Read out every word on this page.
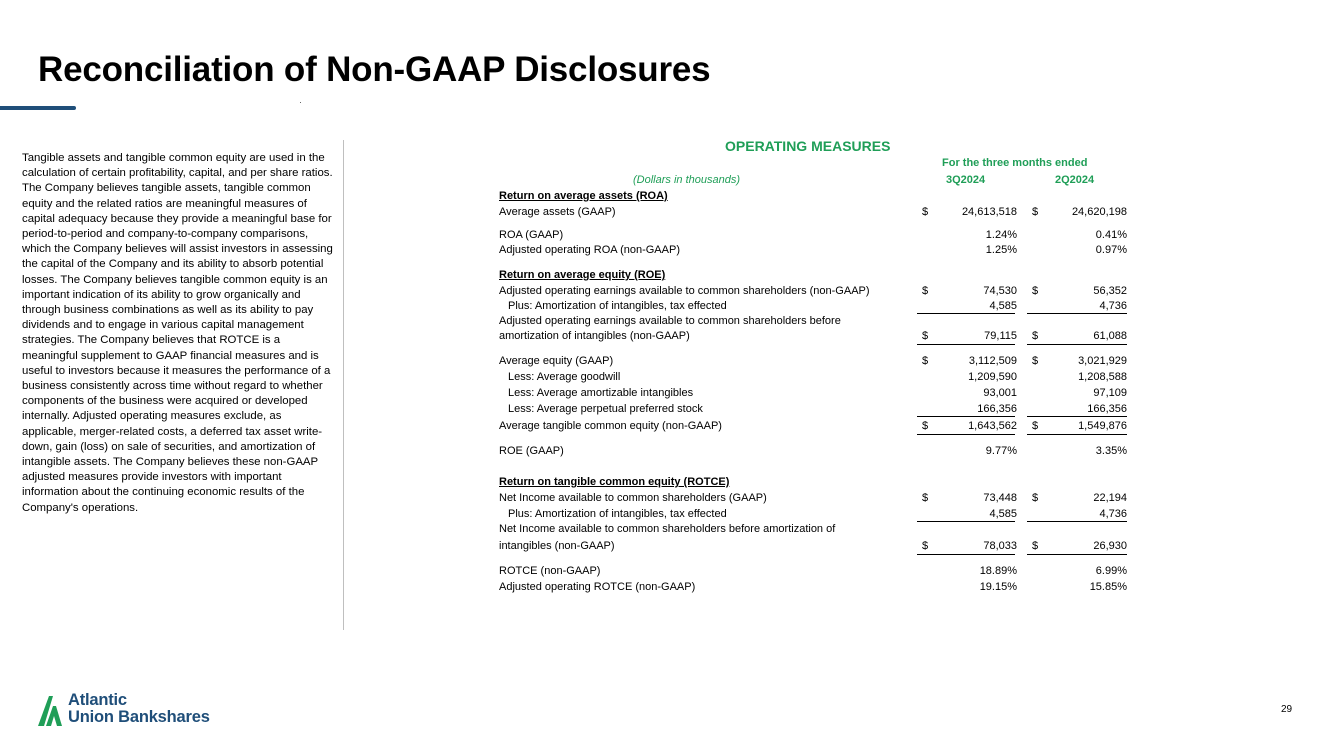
Reconciliation of Non-GAAP Disclosures
Tangible assets and tangible common equity are used in the calculation of certain profitability, capital, and per share ratios. The Company believes tangible assets, tangible common equity and the related ratios are meaningful measures of capital adequacy because they provide a meaningful base for period-to-period and company-to-company comparisons, which the Company believes will assist investors in assessing the capital of the Company and its ability to absorb potential losses. The Company believes tangible common equity is an important indication of its ability to grow organically and through business combinations as well as its ability to pay dividends and to engage in various capital management strategies. The Company believes that ROTCE is a meaningful supplement to GAAP financial measures and is useful to investors because it measures the performance of a business consistently across time without regard to whether components of the business were acquired or developed internally. Adjusted operating measures exclude, as applicable, merger-related costs, a deferred tax asset write-down, gain (loss) on sale of securities, and amortization of intangible assets. The Company believes these non-GAAP adjusted measures provide investors with important information about the continuing economic results of the Company's operations.
OPERATING MEASURES
For the three months ended
(Dollars in thousands)	3Q2024	2Q2024
Return on average assets (ROA)
Average assets (GAAP)	$	24,613,518 $	24,620,198
ROA (GAAP)	1.24%	0.41%
Adjusted operating ROA (non-GAAP)	1.25%	0.97%
Return on average equity (ROE)
Adjusted operating earnings available to common shareholders (non-GAAP)	$	74,530 $	56,352
Plus: Amortization of intangibles, tax effected	4,585	4,736
Adjusted operating earnings available to common shareholders before
amortization of intangibles (non-GAAP)	$	79,115 $	61,088
Average equity (GAAP)	$	3,112,509 $	3,021,929
Less: Average goodwill	1,209,590	1,208,588
Less: Average amortizable intangibles	93,001	97,109
Less: Average perpetual preferred stock	166,356	166,356
Average tangible common equity (non-GAAP)	$	1,643,562 $	1,549,876
ROE (GAAP)	9.77%	3.35%
Return on tangible common equity (ROTCE)
Net Income available to common shareholders (GAAP)	$	73,448 $	22,194
Plus: Amortization of intangibles, tax effected	4,585	4,736
Net Income available to common shareholders before amortization of
intangibles (non-GAAP)	$	78,033 $	26,930
ROTCE (non-GAAP)	18.89%	6.99%
Adjusted operating ROTCE (non-GAAP)	19.15%	15.85%
Atlantic
Union Bankshares	29
